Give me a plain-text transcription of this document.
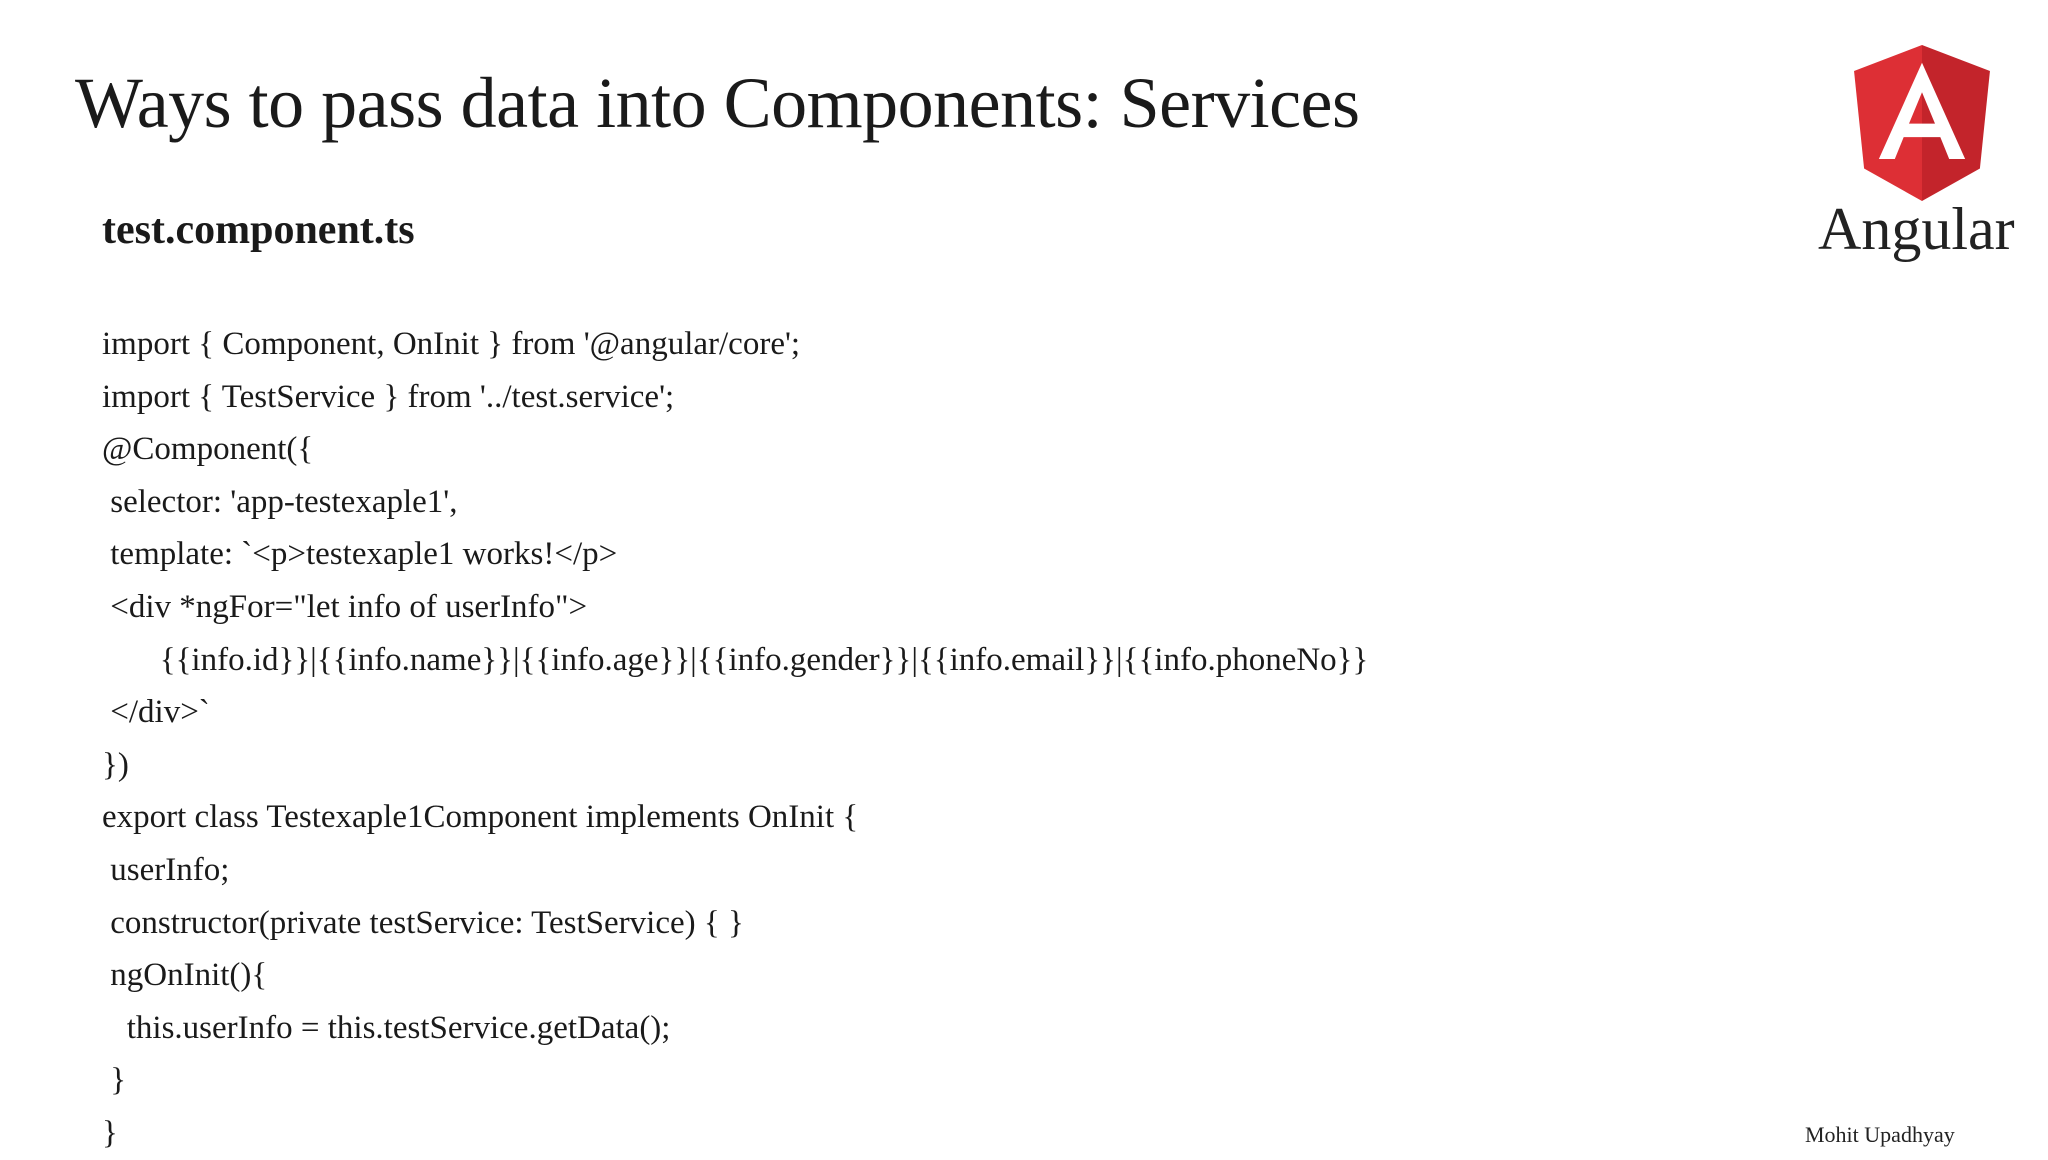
Ways to pass data into Components: Services
test.component.ts
import { Component, OnInit } from '@angular/core';
import { TestService } from '../test.service';
@Component({
selector: 'app-testexaple1',
template: `<p>testexaple1 works!</p>
<div *ngFor="let info of userInfo">
{{info.id}}|{{info.name}}|{{info.age}}|{{info.gender}}|{{info.email}}|{{info.phoneNo}}
</div>`
})
export class Testexaple1Component implements OnInit {
userInfo;
constructor(private testService: TestService) { }
ngOnInit(){
this.userInfo = this.testService.getData();
}
}
Angular
Mohit Upadhyay
